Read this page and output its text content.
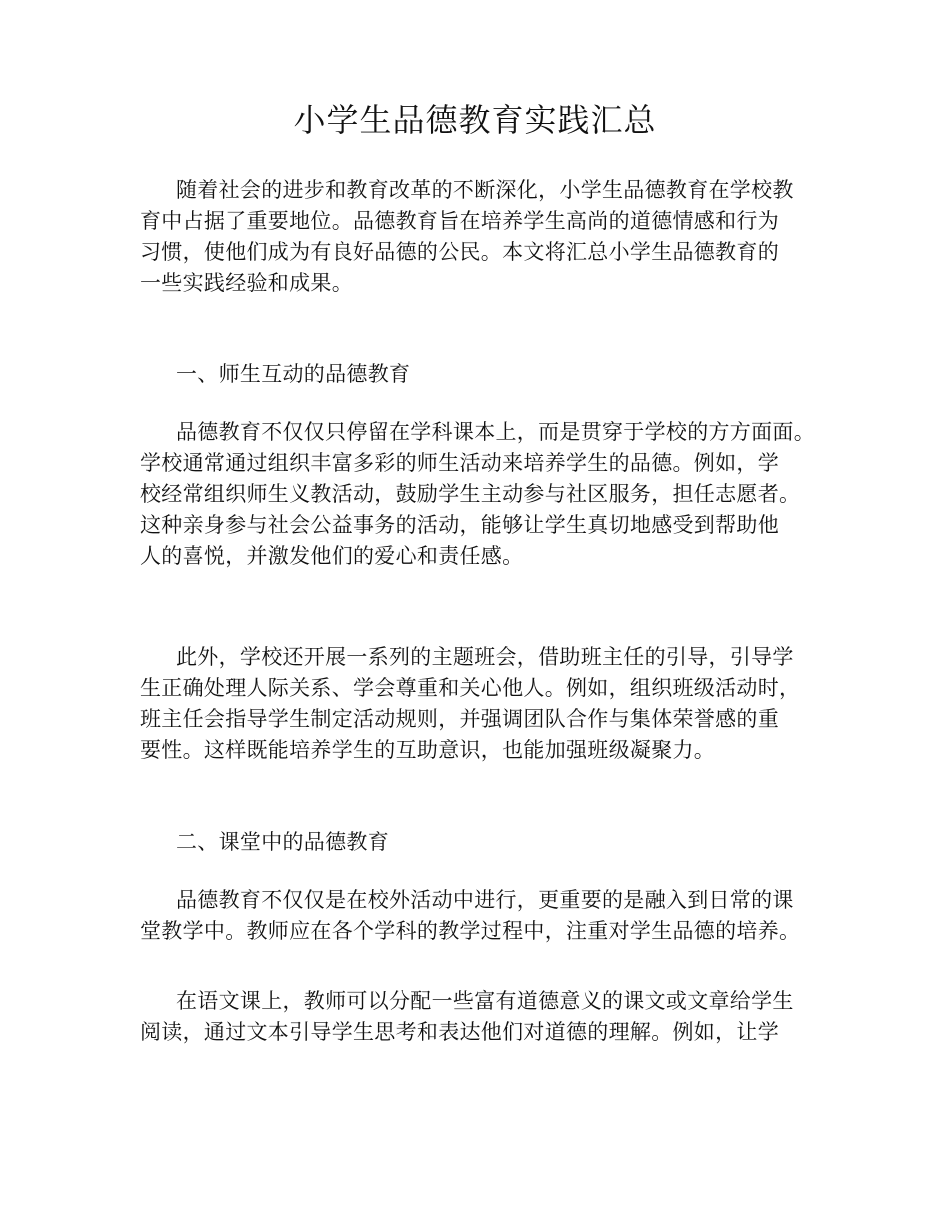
小学生品德教育实践汇总
随着社会的进步和教育改革的不断深化，小学生品德教育在学校教
育中占据了重要地位。品德教育旨在培养学生高尚的道德情感和行为
习惯，使他们成为有良好品德的公民。本文将汇总小学生品德教育的
一些实践经验和成果。
一、师生互动的品德教育
品德教育不仅仅只停留在学科课本上，而是贯穿于学校的方方面面。
学校通常通过组织丰富多彩的师生活动来培养学生的品德。例如，学
校经常组织师生义教活动，鼓励学生主动参与社区服务，担任志愿者。
这种亲身参与社会公益事务的活动，能够让学生真切地感受到帮助他
人的喜悦，并激发他们的爱心和责任感。
此外，学校还开展一系列的主题班会，借助班主任的引导，引导学
生正确处理人际关系、学会尊重和关心他人。例如，组织班级活动时，
班主任会指导学生制定活动规则，并强调团队合作与集体荣誉感的重
要性。这样既能培养学生的互助意识，也能加强班级凝聚力。
二、课堂中的品德教育
品德教育不仅仅是在校外活动中进行，更重要的是融入到日常的课
堂教学中。教师应在各个学科的教学过程中，注重对学生品德的培养。
在语文课上，教师可以分配一些富有道德意义的课文或文章给学生
阅读，通过文本引导学生思考和表达他们对道德的理解。例如，让学
